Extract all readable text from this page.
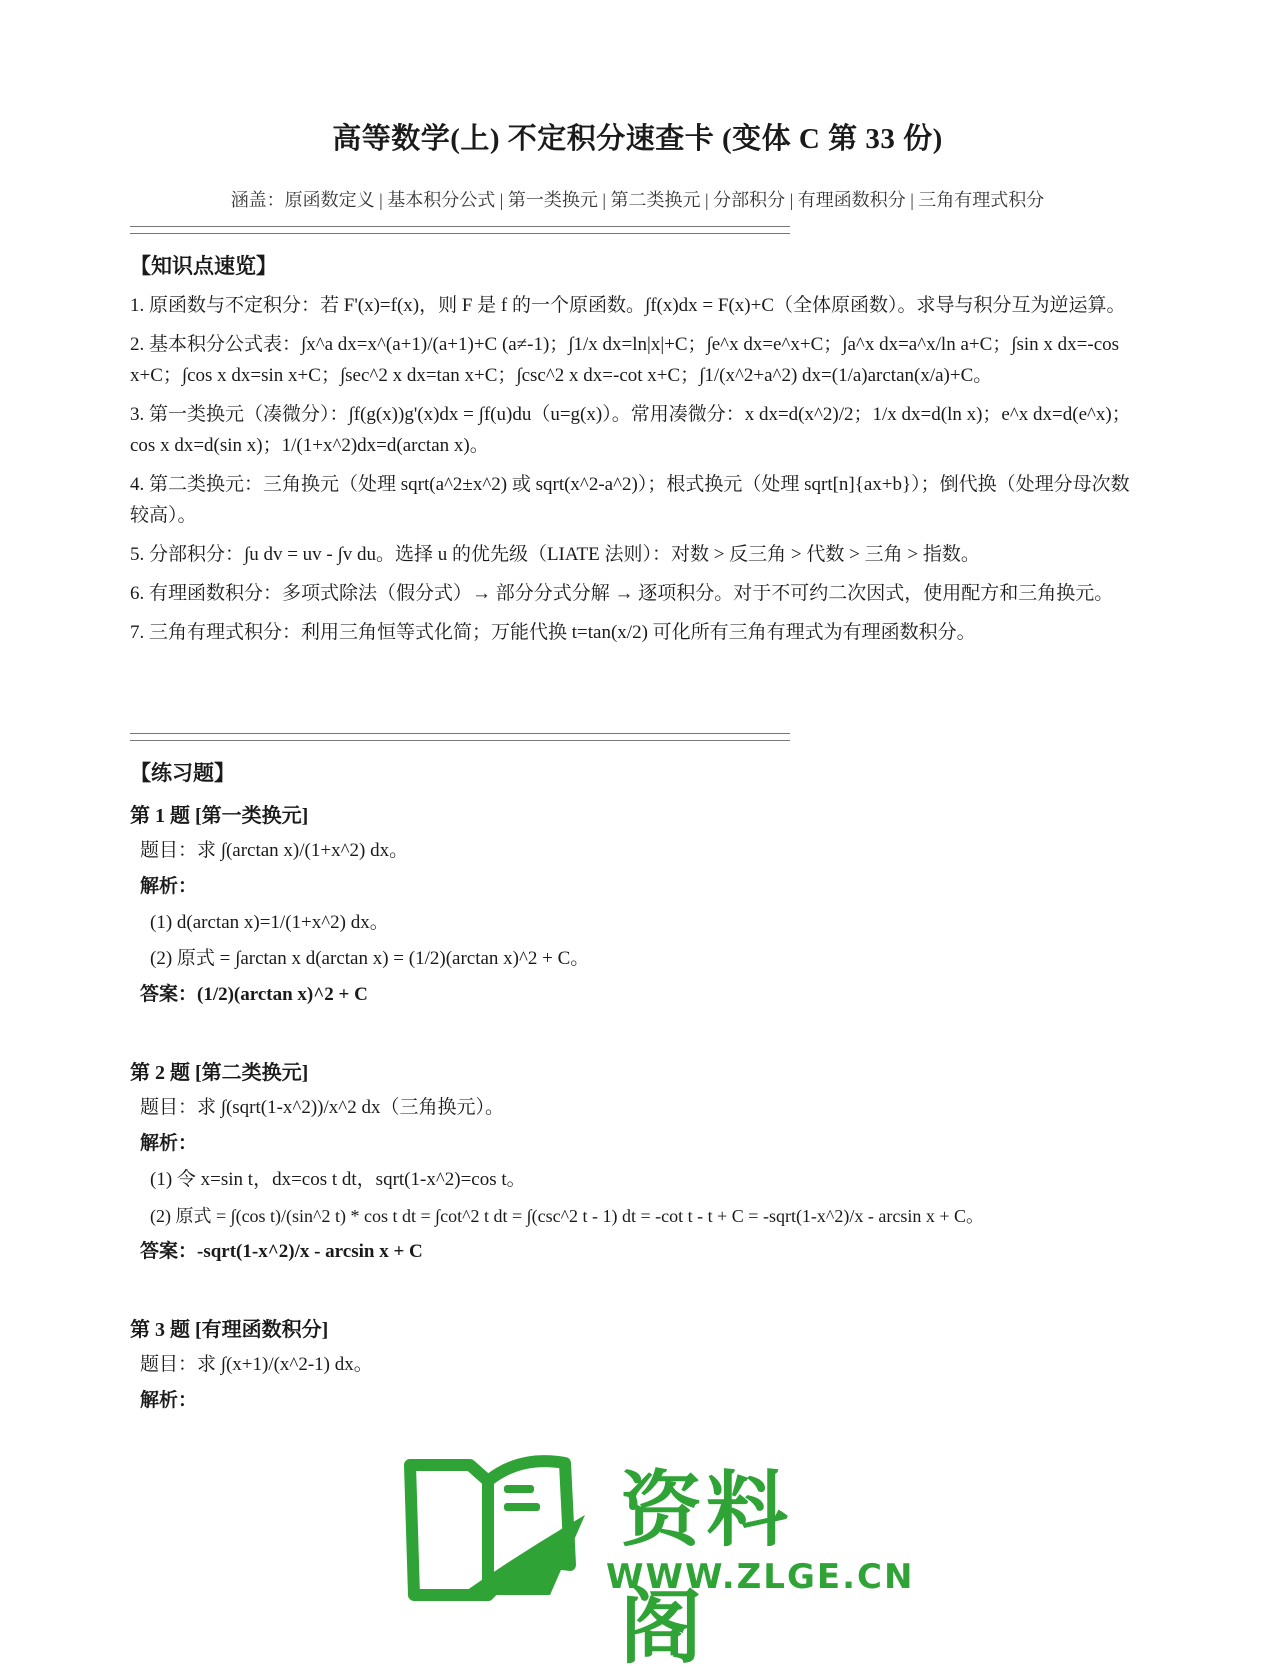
高等数学(上) 不定积分速查卡 (变体 C 第 33 份)
涵盖：原函数定义 | 基本积分公式 | 第一类换元 | 第二类换元 | 分部积分 | 有理函数积分 | 三角有理式积分

【知识点速览】

1. 原函数与不定积分：若 F'(x)=f(x)，则 F 是 f 的一个原函数。∫f(x)dx = F(x)+C（全体原函数）。求导与积分互为逆运算。

2. 基本积分公式表：∫x^a dx=x^(a+1)/(a+1)+C (a≠-1)；∫1/x dx=ln|x|+C；∫e^x dx=e^x+C；∫a^x dx=a^x/ln a+C；∫sin x dx=-cos x+C；∫cos x dx=sin x+C；∫sec^2 x dx=tan x+C；∫csc^2 x dx=-cot x+C；∫1/(x^2+a^2) dx=(1/a)arctan(x/a)+C。

3. 第一类换元（凑微分）：∫f(g(x))g'(x)dx = ∫f(u)du（u=g(x)）。常用凑微分：x dx=d(x^2)/2；1/x dx=d(ln x)；e^x dx=d(e^x)；cos x dx=d(sin x)；1/(1+x^2)dx=d(arctan x)。

4. 第二类换元：三角换元（处理 sqrt(a^2±x^2) 或 sqrt(x^2-a^2)）；根式换元（处理 sqrt[n]{ax+b}）；倒代换（处理分母次数较高）。

5. 分部积分：∫u dv = uv - ∫v du。选择 u 的优先级（LIATE 法则）：对数 > 反三角 > 代数 > 三角 > 指数。

6. 有理函数积分：多项式除法（假分式）→ 部分分式分解 → 逐项积分。对于不可约二次因式，使用配方和三角换元。

7. 三角有理式积分：利用三角恒等式化简；万能代换 t=tan(x/2) 可化所有三角有理式为有理函数积分。

【练习题】

第 1 题 [第一类换元]

题目：求 ∫(arctan x)/(1+x^2) dx。

解析：

(1) d(arctan x)=1/(1+x^2) dx。

(2) 原式 = ∫arctan x d(arctan x) = (1/2)(arctan x)^2 + C。

答案：(1/2)(arctan x)^2 + C

第 2 题 [第二类换元]

题目：求 ∫(sqrt(1-x^2))/x^2 dx（三角换元）。

解析：

(1) 令 x=sin t，dx=cos t dt，sqrt(1-x^2)=cos t。

(2) 原式 = ∫(cos t)/(sin^2 t) * cos t dt = ∫cot^2 t dt = ∫(csc^2 t - 1) dt = -cot t - t + C = -sqrt(1-x^2)/x - arcsin x + C。

答案：-sqrt(1-x^2)/x - arcsin x + C

第 3 题 [有理函数积分]

题目：求 ∫(x+1)/(x^2-1) dx。

解析：

资料阁
WWW.ZLGE.CN
